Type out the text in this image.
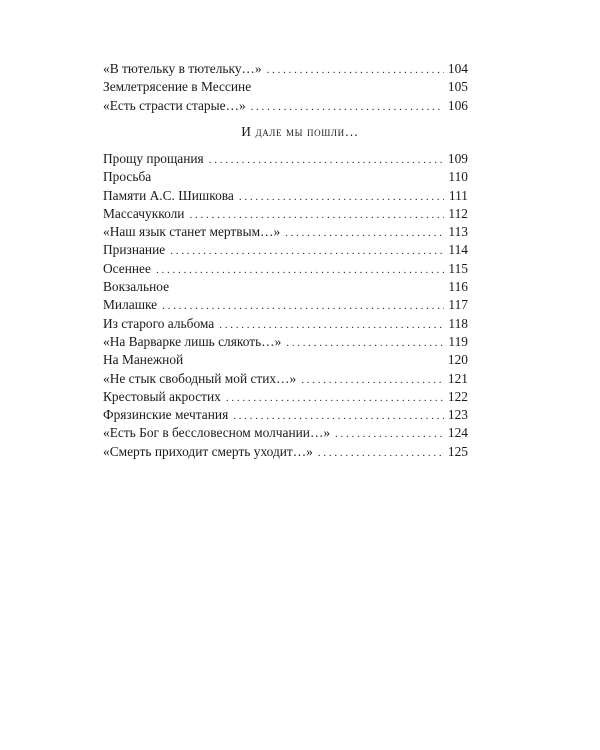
«В тютельку в тютельку…» . . .	104
Землетрясение в Мессине	105
«Есть страсти старые…» . . .	106
И дале мы пошли…
Прощу прощания . . .	109
Просьба	110
Памяти А.С. Шишкова . . .	111
Массачукколи . . .	112
«Наш язык станет мертвым…» . . .	113
Признание . . .	114
Осеннее . . .	115
Вокзальное	116
Милашке . . .	117
Из старого альбома . . .	118
«На Варварке лишь слякоть…» . . .	119
На Манежной	120
«Не стык свободный мой стих…» . . .	121
Крестовый акростих . . .	122
Фрязинские мечтания . . .	123
«Есть Бог в бессловесном молчании…» . . .	124
«Смерть приходит смерть уходит…» . . .	125
